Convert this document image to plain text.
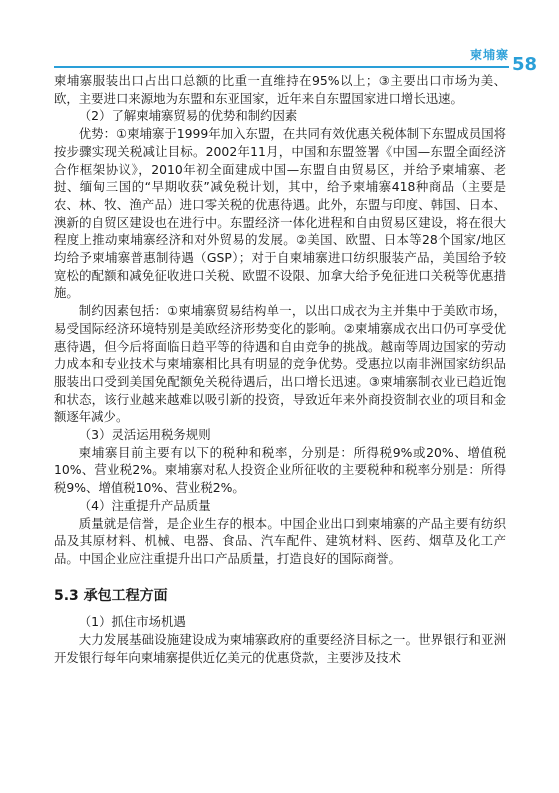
柬埔寨 58

柬埔寨服装出口占出口总额的比重一直维持在95%以上；③主要出口市场为美、欧，主要进口来源地为东盟和东亚国家，近年来自东盟国家进口增长迅速。

（2）了解柬埔寨贸易的优势和制约因素

优势：①柬埔寨于1999年加入东盟，在共同有效优惠关税体制下东盟成员国将按步骤实现关税减让目标。2002年11月，中国和东盟签署《中国—东盟全面经济合作框架协议》，2010年初全面建成中国—东盟自由贸易区，并给予柬埔寨、老挝、缅甸三国的“早期收获”减免税计划，其中，给予柬埔寨418种商品（主要是农、林、牧、渔产品）进口零关税的优惠待遇。此外，东盟与印度、韩国、日本、澳新的自贸区建设也在进行中。东盟经济一体化进程和自由贸易区建设，将在很大程度上推动柬埔寨经济和对外贸易的发展。②美国、欧盟、日本等28个国家/地区均给予柬埔寨普惠制待遇（GSP）；对于自柬埔寨进口纺织服装产品，美国给予较宽松的配额和减免征收进口关税、欧盟不设限、加拿大给予免征进口关税等优惠措施。

制约因素包括：①柬埔寨贸易结构单一，以出口成衣为主并集中于美欧市场，易受国际经济环境特别是美欧经济形势变化的影响。②柬埔寨成衣出口仍可享受优惠待遇，但今后将面临日趋平等的待遇和自由竞争的挑战。越南等周边国家的劳动力成本和专业技术与柬埔寨相比具有明显的竞争优势。受惠拉以南非洲国家纺织品服装出口受到美国免配额免关税待遇后，出口增长迅速。③柬埔寨制衣业已趋近饱和状态，该行业越来越难以吸引新的投资，导致近年来外商投资制衣业的项目和金额逐年减少。

（3）灵活运用税务规则

柬埔寨目前主要有以下的税种和税率，分别是：所得税9%或20%、增值税10%、营业税2%。柬埔寨对私人投资企业所征收的主要税种和税率分别是：所得税9%、增值税10%、营业税2%。

（4）注重提升产品质量

质量就是信誉，是企业生存的根本。中国企业出口到柬埔寨的产品主要有纺织品及其原材料、机械、电器、食品、汽车配件、建筑材料、医药、烟草及化工产品。中国企业应注重提升出口产品质量，打造良好的国际商誉。

5.3 承包工程方面

（1）抓住市场机遇

大力发展基础设施建设成为柬埔寨政府的重要经济目标之一。世界银行和亚洲开发银行每年向柬埔寨提供近亿美元的优惠贷款，主要涉及技术
